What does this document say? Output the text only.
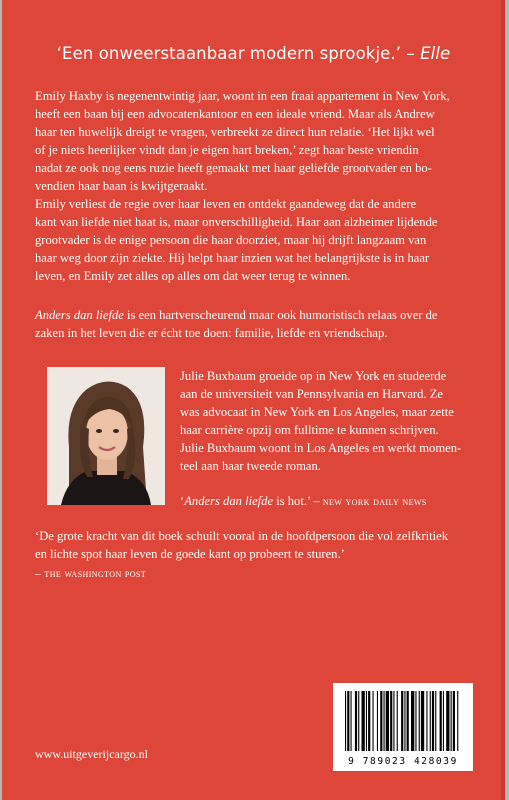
‘Een onweerstaanbaar modern sprookje.’ – Elle
Emily Haxby is negenentwintig jaar, woont in een fraai appartement in New York,
heeft een baan bij een advocatenkantoor en een ideale vriend. Maar als Andrew
haar ten huwelijk dreigt te vragen, verbreekt ze direct hun relatie. ‘Het lijkt wel
of je niets heerlijker vindt dan je eigen hart breken,’ zegt haar beste vriendin
nadat ze ook nog eens ruzie heeft gemaakt met haar geliefde grootvader en bo-
vendien haar baan is kwijtgeraakt.
Emily verliest de regie over haar leven en ontdekt gaandeweg dat de andere
kant van liefde niet haat is, maar onverschilligheid. Haar aan alzheimer lijdende
grootvader is de enige persoon die haar doorziet, maar hij drijft langzaam van
haar weg door zijn ziekte. Hij helpt haar inzien wat het belangrijkste is in haar
leven, en Emily zet alles op alles om dat weer terug te winnen.
Anders dan liefde is een hartverscheurend maar ook humoristisch relaas over de
zaken in het leven die er écht toe doen: familie, liefde en vriendschap.
Julie Buxbaum groeide op in New York en studeerde
aan de universiteit van Pennsylvania en Harvard. Ze
was advocaat in New York en Los Angeles, maar zette
haar carrière opzij om fulltime te kunnen schrijven.
Julie Buxbaum woont in Los Angeles en werkt momen-
teel aan haar tweede roman.
‘Anders dan liefde is hot.’ – new york daily news
‘De grote kracht van dit boek schuilt vooral in de hoofdpersoon die vol zelfkritiek
en lichte spot haar leven de goede kant op probeert te sturen.’
– the washington post
9 789023 428039
www.uitgeverijcargo.nl
